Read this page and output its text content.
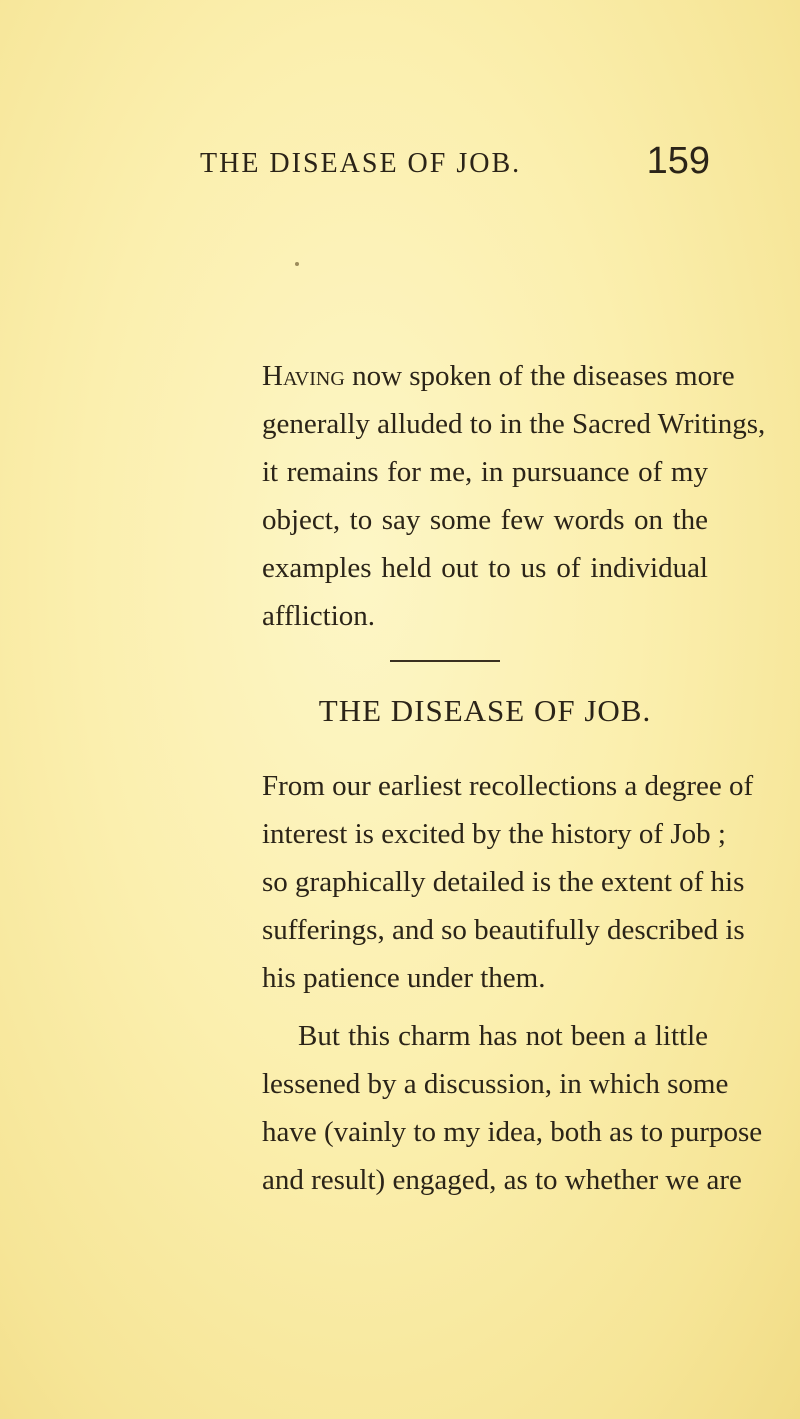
THE DISEASE OF JOB.	159

Having now spoken of the diseases more
generally alluded to in the Sacred Writings,
it remains for me, in pursuance of my
object, to say some few words on the
examples held out to us of individual
affliction.

THE DISEASE OF JOB.

From our earliest recollections a degree of
interest is excited by the history of Job ;
so graphically detailed is the extent of his
sufferings, and so beautifully described is
his patience under them.

But this charm has not been a little
lessened by a discussion, in which some
have (vainly to my idea, both as to purpose
and result) engaged, as to whether we are
